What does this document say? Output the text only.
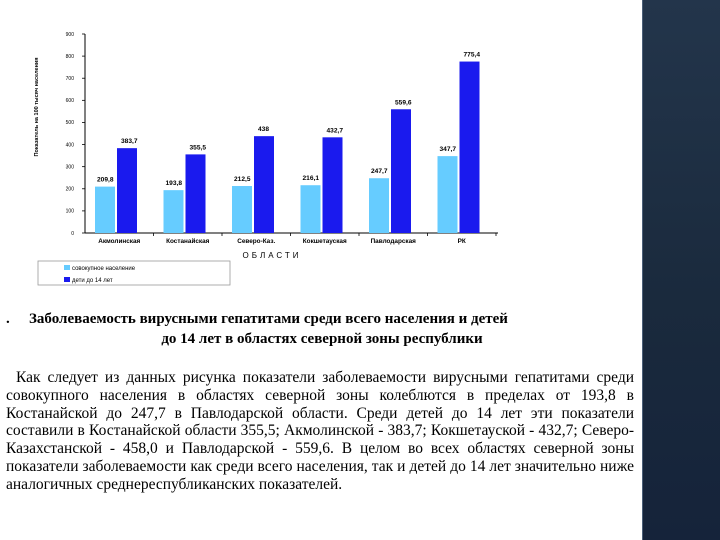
0
100
200
300
400
500
600
700
800
900
209,8
383,7
193,8
355,5
212,5
438
216,1
432,7
247,7
559,6
347,7
775,4
Акмолинская	Костанайская	Северо-Каз.	Кокшетауская	Павлодарская	РК
Показатель на 100 тысяч населения
ОБЛАСТИ
совокупное население
дети до 14 лет
. Заболеваемость вирусными гепатитами среди всего населения и детей
до 14 лет в областях северной зоны республики

Как следует из данных рисунка показатели заболеваемости вирусными гепатитами среди совокупного населения в областях северной зоны колеблются в пределах от 193,8 в Костанайской до 247,7 в Павлодарской области. Среди детей до 14 лет эти показатели составили в Костанайской области 355,5; Акмолинской - 383,7; Кокшетауской - 432,7; Северо-Казахстанской - 458,0 и Павлодарской - 559,6. В целом во всех областях северной зоны показатели заболеваемости как среди всего населения, так и детей до 14 лет значительно ниже аналогичных среднереспубликанских показателей.
